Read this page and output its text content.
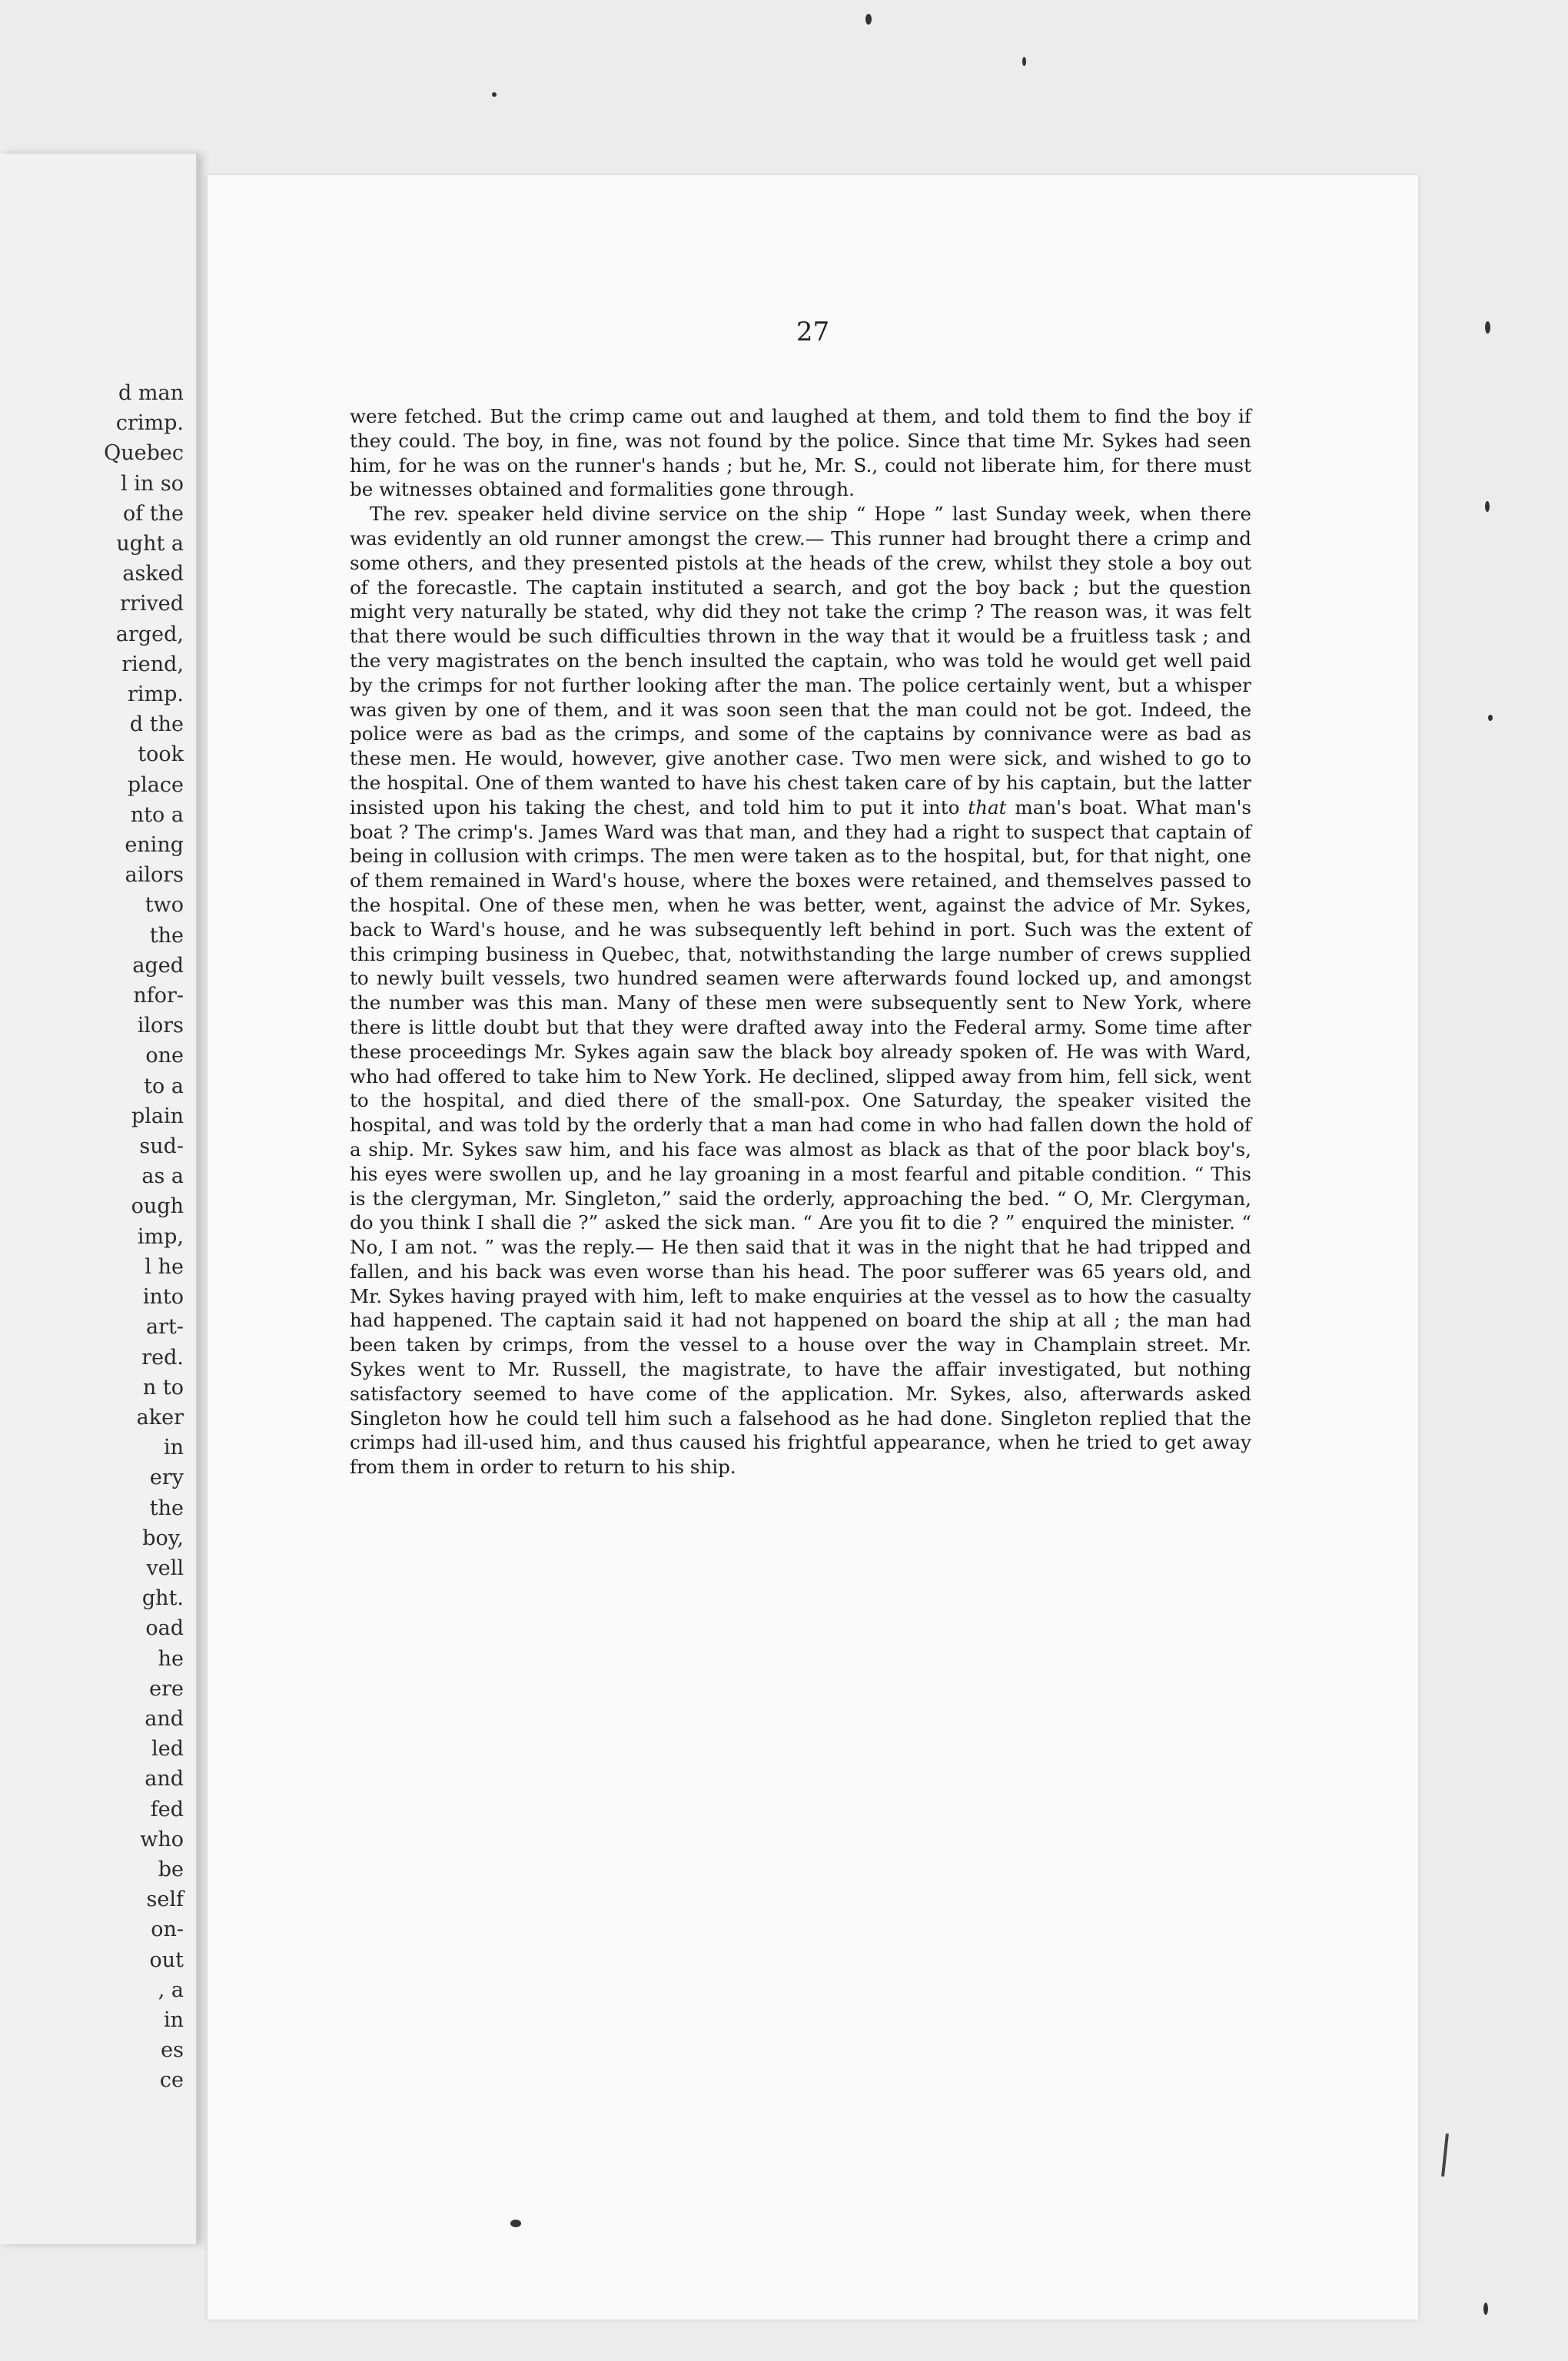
d man
crimp.
Quebec
l in so
of the
ught a
asked
rrived
arged,
riend,
rimp.
d the
took
place
nto a
ening
ailors
two
the
aged
nfor-
ilors
one
to a
plain
sud-
as a
ough
imp,
l he
into
art-
red.
n to
aker
in
ery
the
boy,
vell
ght.
oad
he
ere
and
led
and
fed
who
be
self
on-
out
, a
in
es
ce
27

were fetched. But the crimp came out and laughed at them, and told them to find the boy if they could. The boy, in fine, was not found by the police. Since that time Mr. Sykes had seen him, for he was on the runner's hands ; but he, Mr. S., could not liberate him, for there must be witnesses obtained and formalities gone through.

The rev. speaker held divine service on the ship “ Hope ” last Sunday week, when there was evidently an old runner amongst the crew.— This runner had brought there a crimp and some others, and they presented pistols at the heads of the crew, whilst they stole a boy out of the forecastle. The captain instituted a search, and got the boy back ; but the question might very naturally be stated, why did they not take the crimp ? The reason was, it was felt that there would be such difficulties thrown in the way that it would be a fruitless task ; and the very magistrates on the bench insulted the captain, who was told he would get well paid by the crimps for not further looking after the man. The police certainly went, but a whisper was given by one of them, and it was soon seen that the man could not be got. Indeed, the police were as bad as the crimps, and some of the captains by connivance were as bad as these men. He would, however, give another case. Two men were sick, and wished to go to the hospital. One of them wanted to have his chest taken care of by his captain, but the latter insisted upon his taking the chest, and told him to put it into that man's boat. What man's boat ? The crimp's. James Ward was that man, and they had a right to suspect that captain of being in collusion with crimps. The men were taken as to the hospital, but, for that night, one of them remained in Ward's house, where the boxes were retained, and themselves passed to the hospital. One of these men, when he was better, went, against the advice of Mr. Sykes, back to Ward's house, and he was subsequently left behind in port. Such was the extent of this crimping business in Quebec, that, notwithstanding the large number of crews supplied to newly built vessels, two hundred seamen were afterwards found locked up, and amongst the number was this man. Many of these men were subsequently sent to New York, where there is little doubt but that they were drafted away into the Federal army. Some time after these proceedings Mr. Sykes again saw the black boy already spoken of. He was with Ward, who had offered to take him to New York. He declined, slipped away from him, fell sick, went to the hospital, and died there of the small-pox. One Saturday, the speaker visited the hospital, and was told by the orderly that a man had come in who had fallen down the hold of a ship. Mr. Sykes saw him, and his face was almost as black as that of the poor black boy's, his eyes were swollen up, and he lay groaning in a most fearful and pitable condition. “ This is the clergyman, Mr. Singleton,” said the orderly, approaching the bed. “ O, Mr. Clergyman, do you think I shall die ?” asked the sick man. “ Are you fit to die ? ” enquired the minister. “ No, I am not. ” was the reply.— He then said that it was in the night that he had tripped and fallen, and his back was even worse than his head. The poor sufferer was 65 years old, and Mr. Sykes having prayed with him, left to make enquiries at the vessel as to how the casualty had happened. The captain said it had not happened on board the ship at all ; the man had been taken by crimps, from the vessel to a house over the way in Champlain street. Mr. Sykes went to Mr. Russell, the magistrate, to have the affair investigated, but nothing satisfactory seemed to have come of the application. Mr. Sykes, also, afterwards asked Singleton how he could tell him such a falsehood as he had done. Singleton replied that the crimps had ill-used him, and thus caused his frightful appearance, when he tried to get away from them in order to return to his ship.
